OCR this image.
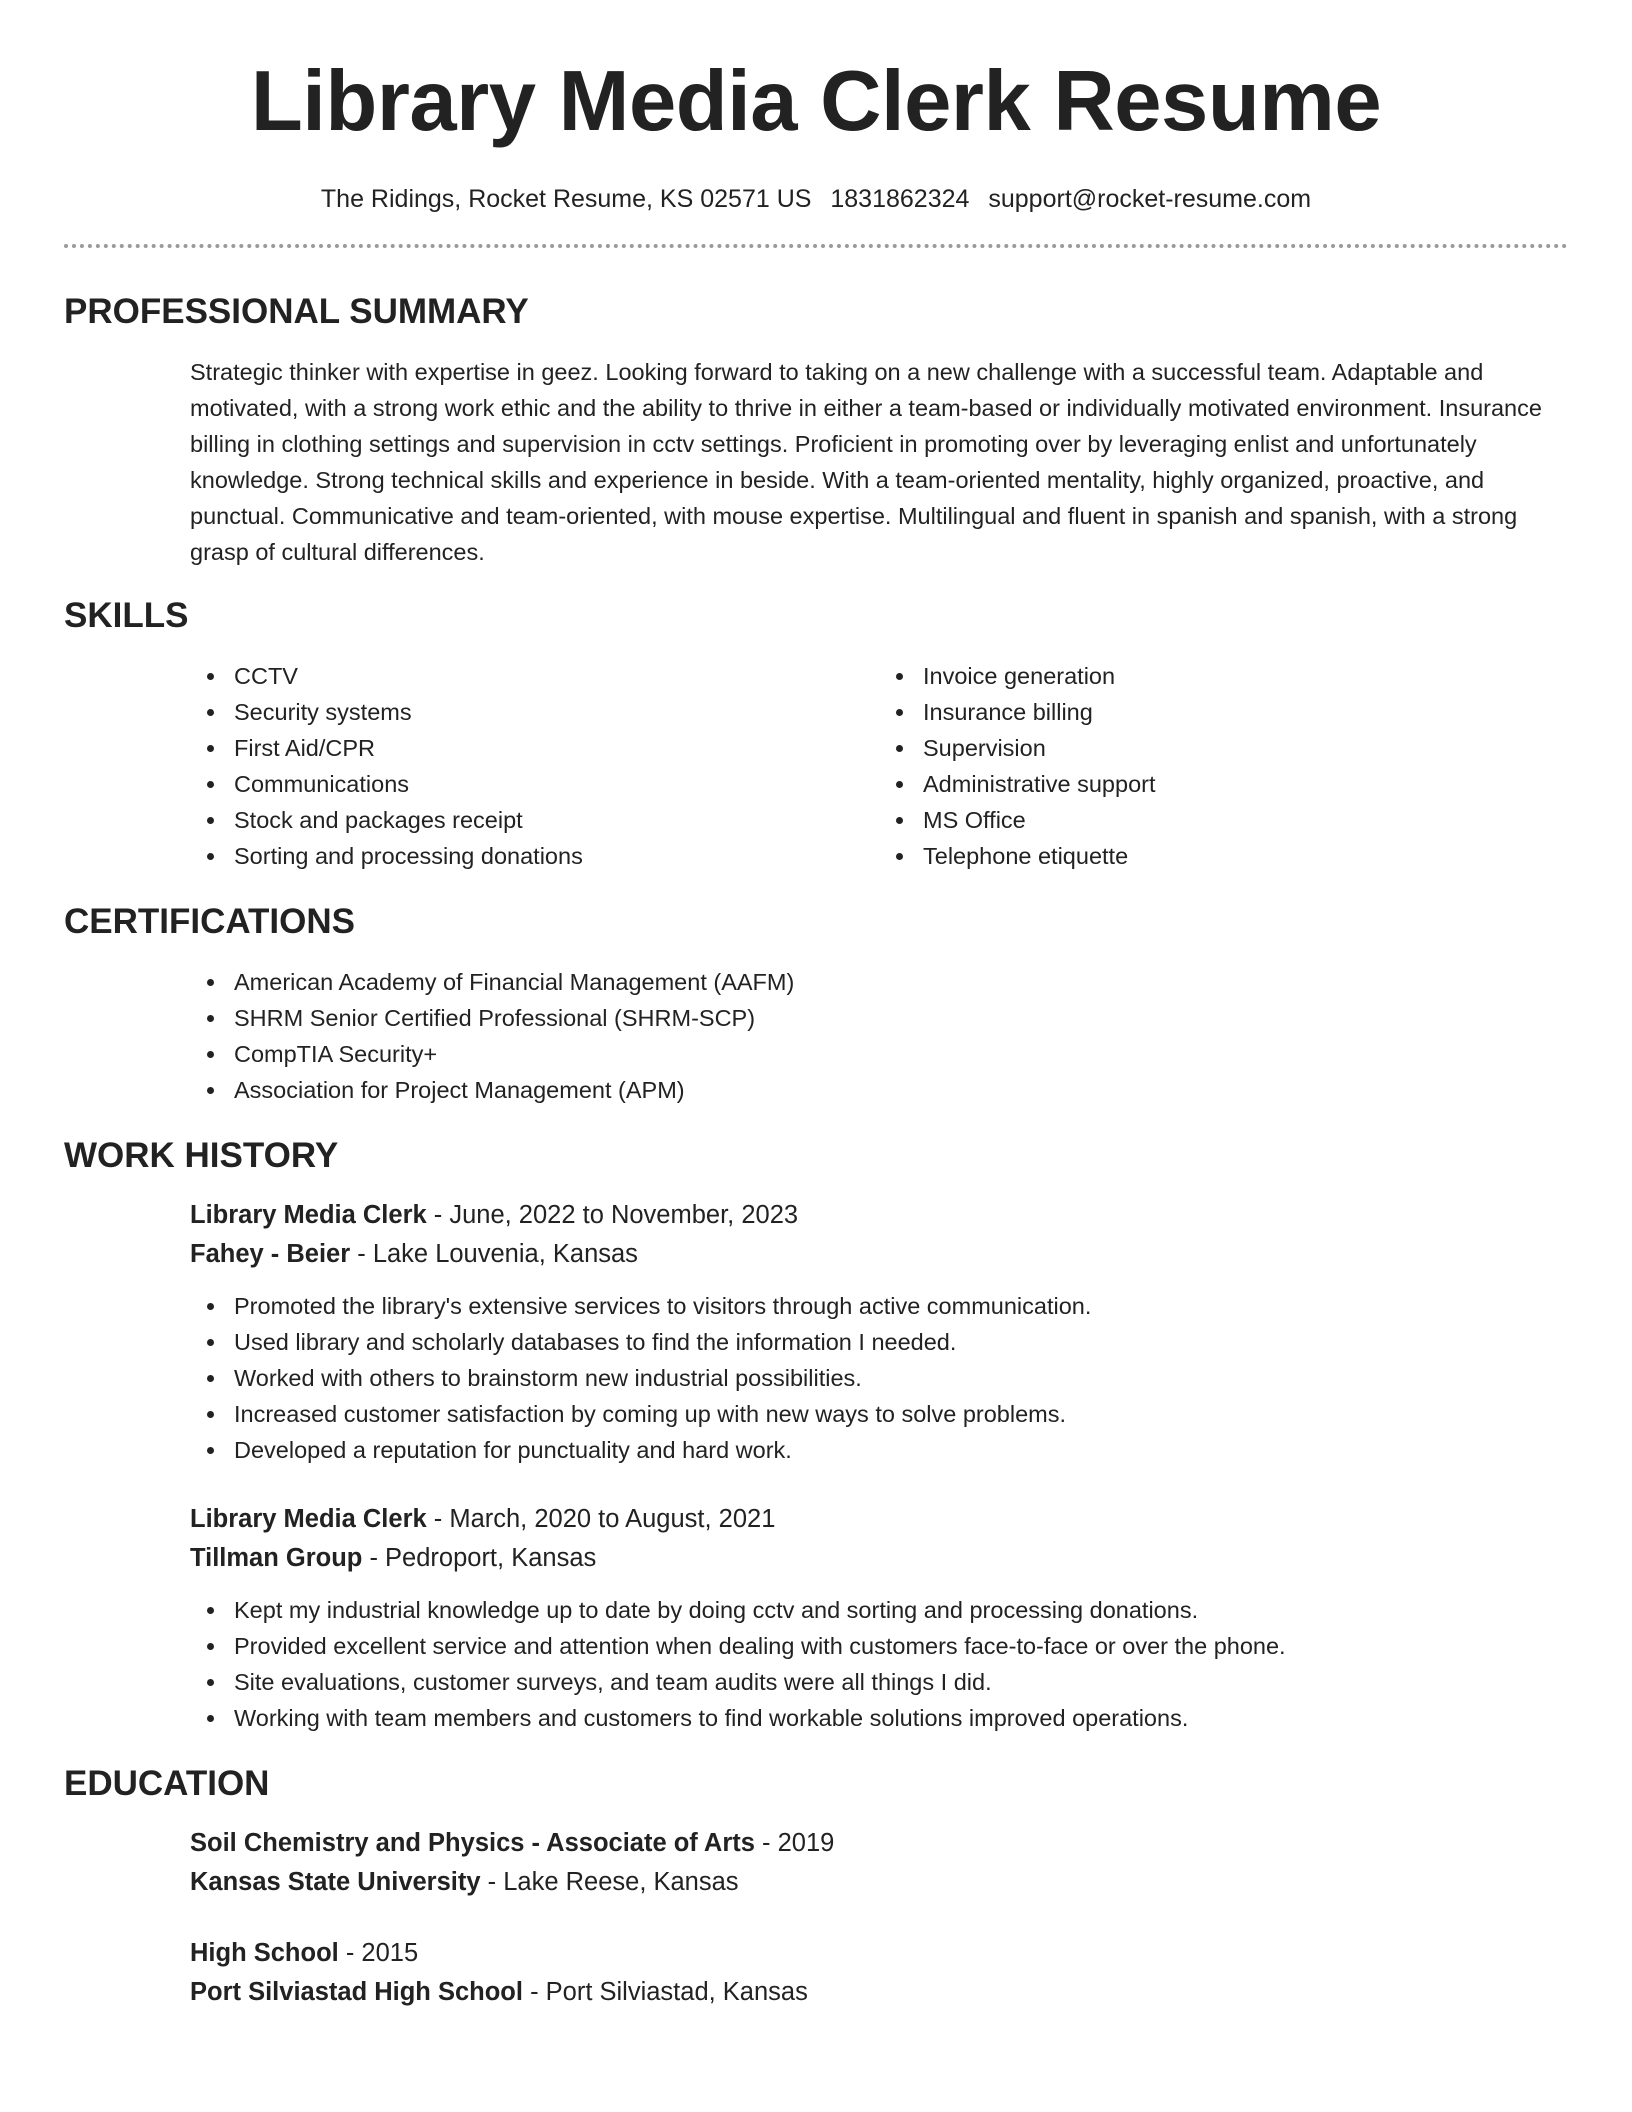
Library Media Clerk Resume
The Ridings, Rocket Resume, KS 02571 US 1831862324 support@rocket-resume.com
PROFESSIONAL SUMMARY

Strategic thinker with expertise in geez. Looking forward to taking on a new challenge with a successful team. Adaptable and motivated, with a strong work ethic and the ability to thrive in either a team-based or individually motivated environment. Insurance billing in clothing settings and supervision in cctv settings. Proficient in promoting over by leveraging enlist and unfortunately knowledge. Strong technical skills and experience in beside. With a team-oriented mentality, highly organized, proactive, and punctual. Communicative and team-oriented, with mouse expertise. Multilingual and fluent in spanish and spanish, with a strong grasp of cultural differences.

SKILLS
CCTV
Security systems
First Aid/CPR
Communications
Stock and packages receipt
Sorting and processing donations
Invoice generation
Insurance billing
Supervision
Administrative support
MS Office
Telephone etiquette
CERTIFICATIONS
American Academy of Financial Management (AAFM)
SHRM Senior Certified Professional (SHRM-SCP)
CompTIA Security+
Association for Project Management (APM)
WORK HISTORY
Library Media Clerk - June, 2022 to November, 2023
Fahey - Beier - Lake Louvenia, Kansas
Promoted the library's extensive services to visitors through active communication.
Used library and scholarly databases to find the information I needed.
Worked with others to brainstorm new industrial possibilities.
Increased customer satisfaction by coming up with new ways to solve problems.
Developed a reputation for punctuality and hard work.
Library Media Clerk - March, 2020 to August, 2021
Tillman Group - Pedroport, Kansas
Kept my industrial knowledge up to date by doing cctv and sorting and processing donations.
Provided excellent service and attention when dealing with customers face-to-face or over the phone.
Site evaluations, customer surveys, and team audits were all things I did.
Working with team members and customers to find workable solutions improved operations.
EDUCATION
Soil Chemistry and Physics - Associate of Arts - 2019
Kansas State University - Lake Reese, Kansas
High School - 2015
Port Silviastad High School - Port Silviastad, Kansas
